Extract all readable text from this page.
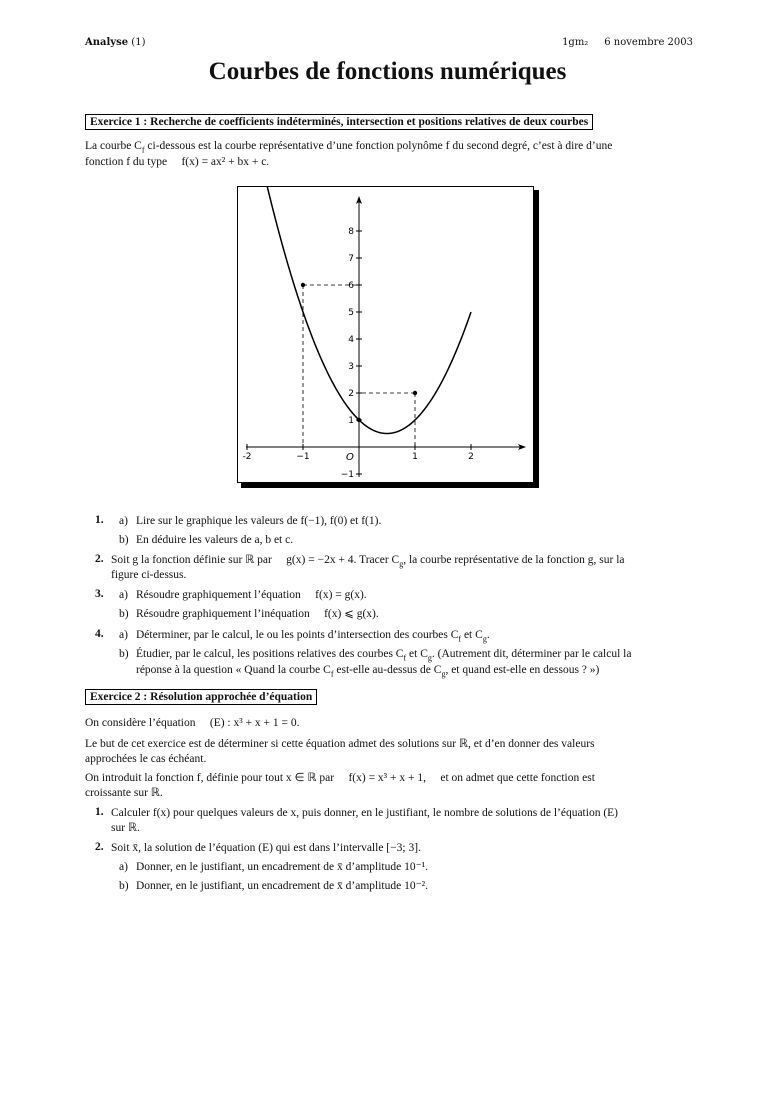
Analyse (1)	1gm₂     6 novembre 2003
Courbes de fonctions numériques
Exercice 1 : Recherche de coefficients indéterminés, intersection et positions relatives de deux courbes
La courbe $C_f$ ci-dessous est la courbe représentative d’une fonction polynôme f du second degré, c’est à dire d’une
fonction f du type     f(x) = ax² + bx + c.
-2	−1	1	2
1
2
3
4
5
6
7
8
−1
O
1. a) Lire sur le graphique les valeurs de f(−1), f(0) et f(1).
b) En déduire les valeurs de a, b et c.
2. Soit g la fonction définie sur ℝ par     g(x) = −2x + 4. Tracer $C_g$, la courbe représentative de la fonction g, sur la
figure ci-dessus.
3. a) Résoudre graphiquement l’équation     f(x) = g(x).
b) Résoudre graphiquement l’inéquation     f(x) ⩽ g(x).
4. a) Déterminer, par le calcul, le ou les points d’intersection des courbes $C_f$ et $C_g$.
b) Étudier, par le calcul, les positions relatives des courbes $C_f$ et $C_g$. (Autrement dit, déterminer par le calcul la
réponse à la question « Quand la courbe $C_f$ est-elle au-dessus de $C_g$, et quand est-elle en dessous ? »)
Exercice 2 : Résolution approchée d’équation
On considère l’équation     (E) : x³ + x + 1 = 0.
Le but de cet exercice est de déterminer si cette équation admet des solutions sur ℝ, et d’en donner des valeurs
approchées le cas échéant.
On introduit la fonction f, définie pour tout x ∈ ℝ par     f(x) = x³ + x + 1,     et on admet que cette fonction est
croissante sur ℝ.
1. Calculer f(x) pour quelques valeurs de x, puis donner, en le justifiant, le nombre de solutions de l’équation (E)
sur ℝ.
2. Soit x̄, la solution de l’équation (E) qui est dans l’intervalle [−3; 3].
a) Donner, en le justifiant, un encadrement de x̄ d’amplitude 10⁻¹.
b) Donner, en le justifiant, un encadrement de x̄ d’amplitude 10⁻².
